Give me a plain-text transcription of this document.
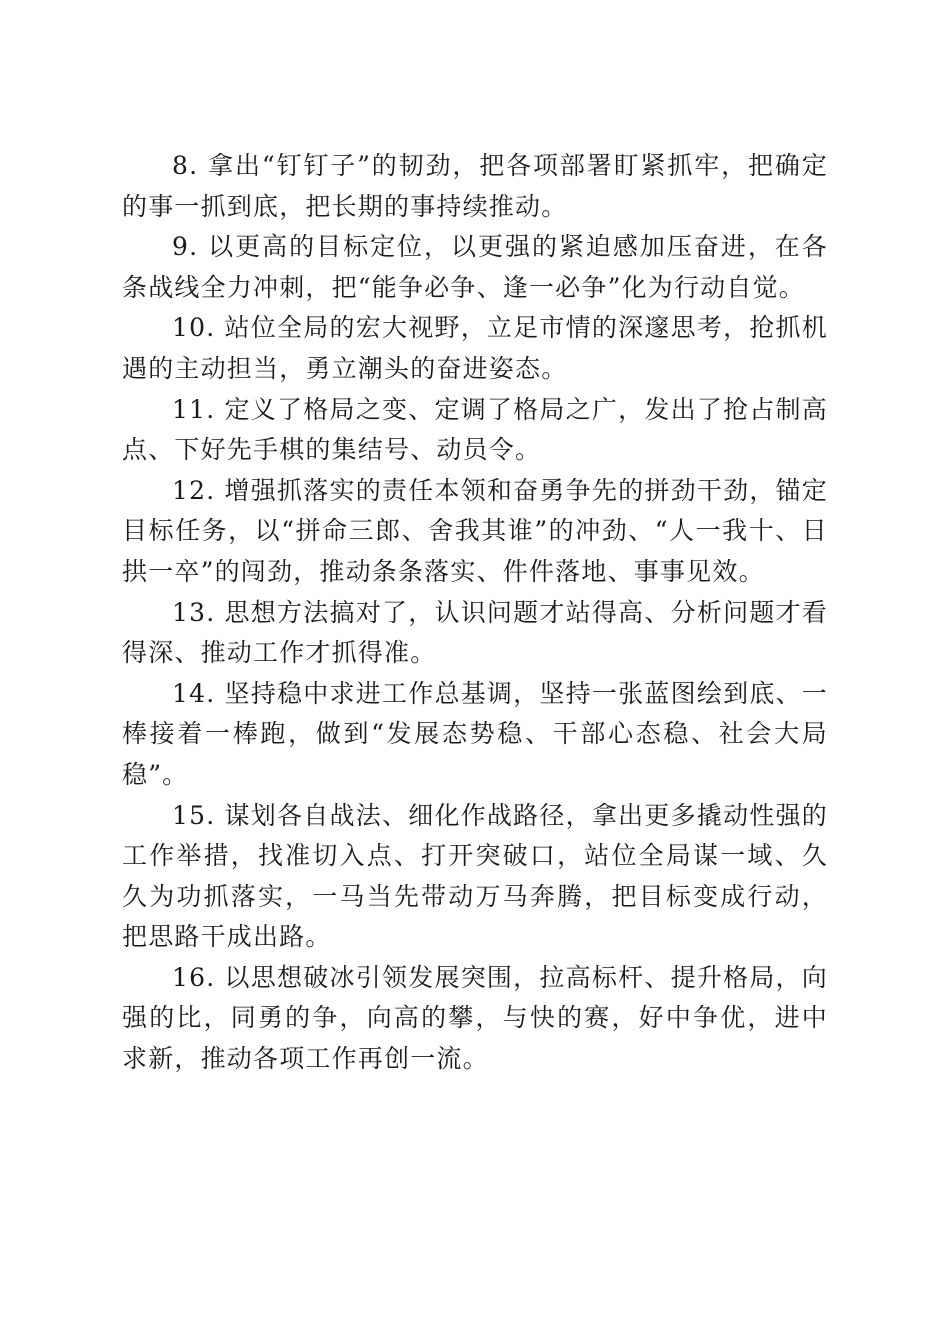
8. 拿出“钉钉子”的韧劲，把各项部署盯紧抓牢，把确定的事一抓到底，把长期的事持续推动。

9. 以更高的目标定位，以更强的紧迫感加压奋进，在各条战线全力冲刺，把“能争必争、逢一必争”化为行动自觉。

10. 站位全局的宏大视野，立足市情的深邃思考，抢抓机遇的主动担当，勇立潮头的奋进姿态。

11. 定义了格局之变、定调了格局之广，发出了抢占制高点、下好先手棋的集结号、动员令。

12. 增强抓落实的责任本领和奋勇争先的拼劲干劲，锚定目标任务，以“拼命三郎、舍我其谁”的冲劲、“人一我十、日拱一卒”的闯劲，推动条条落实、件件落地、事事见效。

13. 思想方法搞对了，认识问题才站得高、分析问题才看得深、推动工作才抓得准。

14. 坚持稳中求进工作总基调，坚持一张蓝图绘到底、一棒接着一棒跑，做到“发展态势稳、干部心态稳、社会大局稳”。

15. 谋划各自战法、细化作战路径，拿出更多撬动性强的工作举措，找准切入点、打开突破口，站位全局谋一域、久久为功抓落实，一马当先带动万马奔腾，把目标变成行动，把思路干成出路。

16. 以思想破冰引领发展突围，拉高标杆、提升格局，向强的比，同勇的争，向高的攀，与快的赛，好中争优，进中求新，推动各项工作再创一流。
